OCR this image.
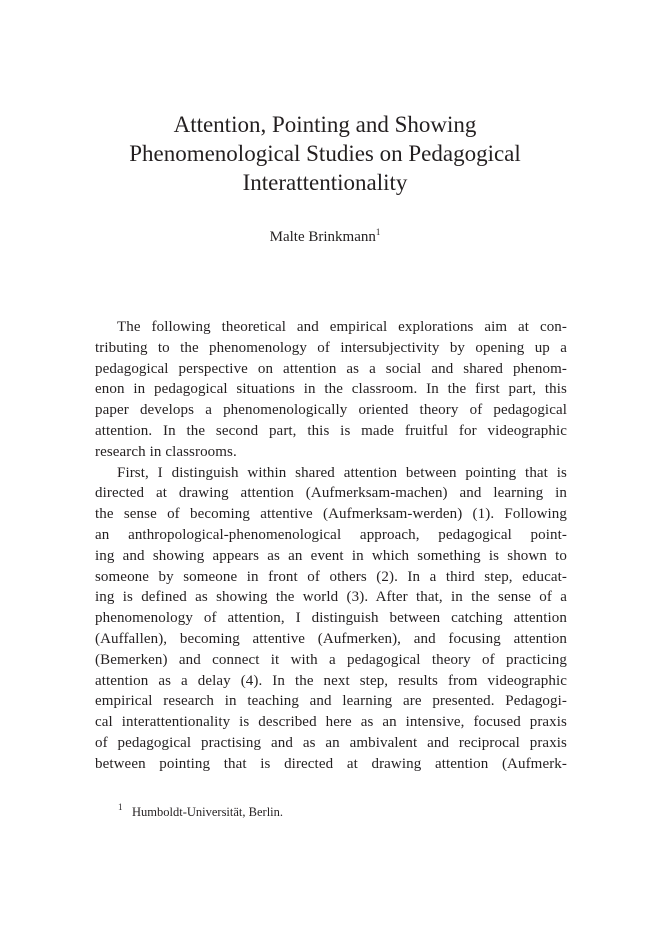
Attention, Pointing and Showing
Phenomenological Studies on Pedagogical
Interattentionality
Malte Brinkmann$^1$
The following theoretical and empirical explorations aim at con-
tributing to the phenomenology of intersubjectivity by opening up a
pedagogical perspective on attention as a social and shared phenom-
enon in pedagogical situations in the classroom. In the first part, this
paper develops a phenomenologically oriented theory of pedagogical
attention. In the second part, this is made fruitful for videographic
research in classrooms.
First, I distinguish within shared attention between pointing that is
directed at drawing attention (Aufmerksam-machen) and learning in
the sense of becoming attentive (Aufmerksam-werden) (1). Following
an anthropological-phenomenological approach, pedagogical point-
ing and showing appears as an event in which something is shown to
someone by someone in front of others (2). In a third step, educat-
ing is defined as showing the world (3). After that, in the sense of a
phenomenology of attention, I distinguish between catching attention
(Auffallen), becoming attentive (Aufmerken), and focusing attention
(Bemerken) and connect it with a pedagogical theory of practicing
attention as a delay (4). In the next step, results from videographic
empirical research in teaching and learning are presented. Pedagogi-
cal interattentionality is described here as an intensive, focused praxis
of pedagogical practising and as an ambivalent and reciprocal praxis
between pointing that is directed at drawing attention (Aufmerk-
$^1$ Humboldt-Universität, Berlin.
